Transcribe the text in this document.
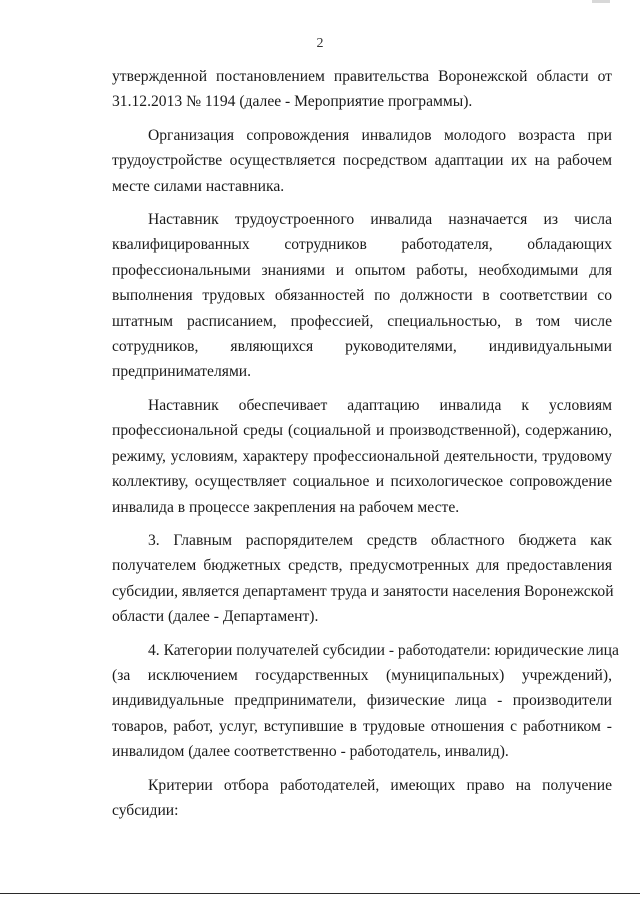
2
утвержденной постановлением правительства Воронежской области от
31.12.2013 № 1194 (далее - Мероприятие программы).
Организация сопровождения инвалидов молодого возраста при
трудоустройстве осуществляется посредством адаптации их на рабочем
месте силами наставника.
Наставник трудоустроенного инвалида назначается из числа
квалифицированных сотрудников работодателя, обладающих
профессиональными знаниями и опытом работы, необходимыми для
выполнения трудовых обязанностей по должности в соответствии со
штатным расписанием, профессией, специальностью, в том числе
сотрудников, являющихся руководителями, индивидуальными
предпринимателями.
Наставник обеспечивает адаптацию инвалида к условиям
профессиональной среды (социальной и производственной), содержанию,
режиму, условиям, характеру профессиональной деятельности, трудовому
коллективу, осуществляет социальное и психологическое сопровождение
инвалида в процессе закрепления на рабочем месте.
3. Главным распорядителем средств областного бюджета как
получателем бюджетных средств, предусмотренных для предоставления
субсидии, является департамент труда и занятости населения Воронежской
области (далее - Департамент).
4. Категории получателей субсидии - работодатели: юридические лица
(за исключением государственных (муниципальных) учреждений),
индивидуальные предприниматели, физические лица - производители
товаров, работ, услуг, вступившие в трудовые отношения с работником -
инвалидом (далее соответственно - работодатель, инвалид).
Критерии отбора работодателей, имеющих право на получение
субсидии:
